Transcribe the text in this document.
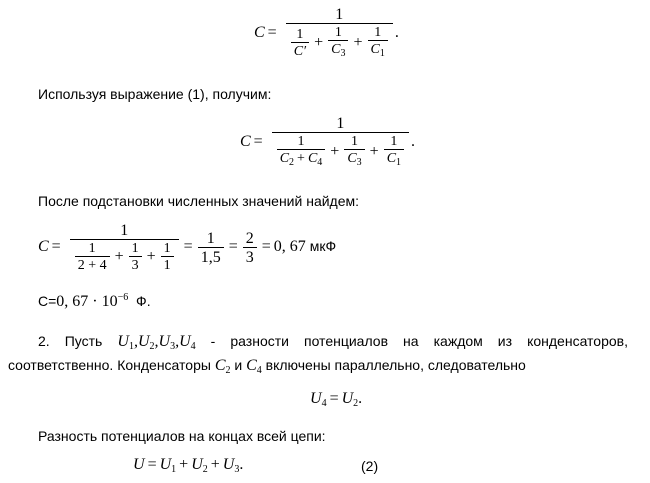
$C = \frac{1}{\frac{1}{C'} + \frac{1}{C_3} + \frac{1}{C_1}}$ .
Используя выражение (1), получим:
$C = \frac{1}{\frac{1}{C_2 + C_4} + \frac{1}{C_3} + \frac{1}{C_1}}$ .
После подстановки численных значений найдем:
$C = \frac{1}{\frac{1}{2 + 4} + \frac{1}{3} + \frac{1}{1}} = \frac{1}{1,5} = \frac{2}{3} = 0$, 67 мкФ
C=0, $67 \cdot 10^{-6}$ Ф.
2. Пусть $U_1,U_2,U_3,U_4$ - разности потенциалов на каждом из конденсаторов,
соответственно. Конденсаторы $C_2$ и $C_4$ включены параллельно, следовательно
$U_4 = U_2$.
Разность потенциалов на концах всей цепи:
$U = U_1 + U_2 + U_3$.	(2)
